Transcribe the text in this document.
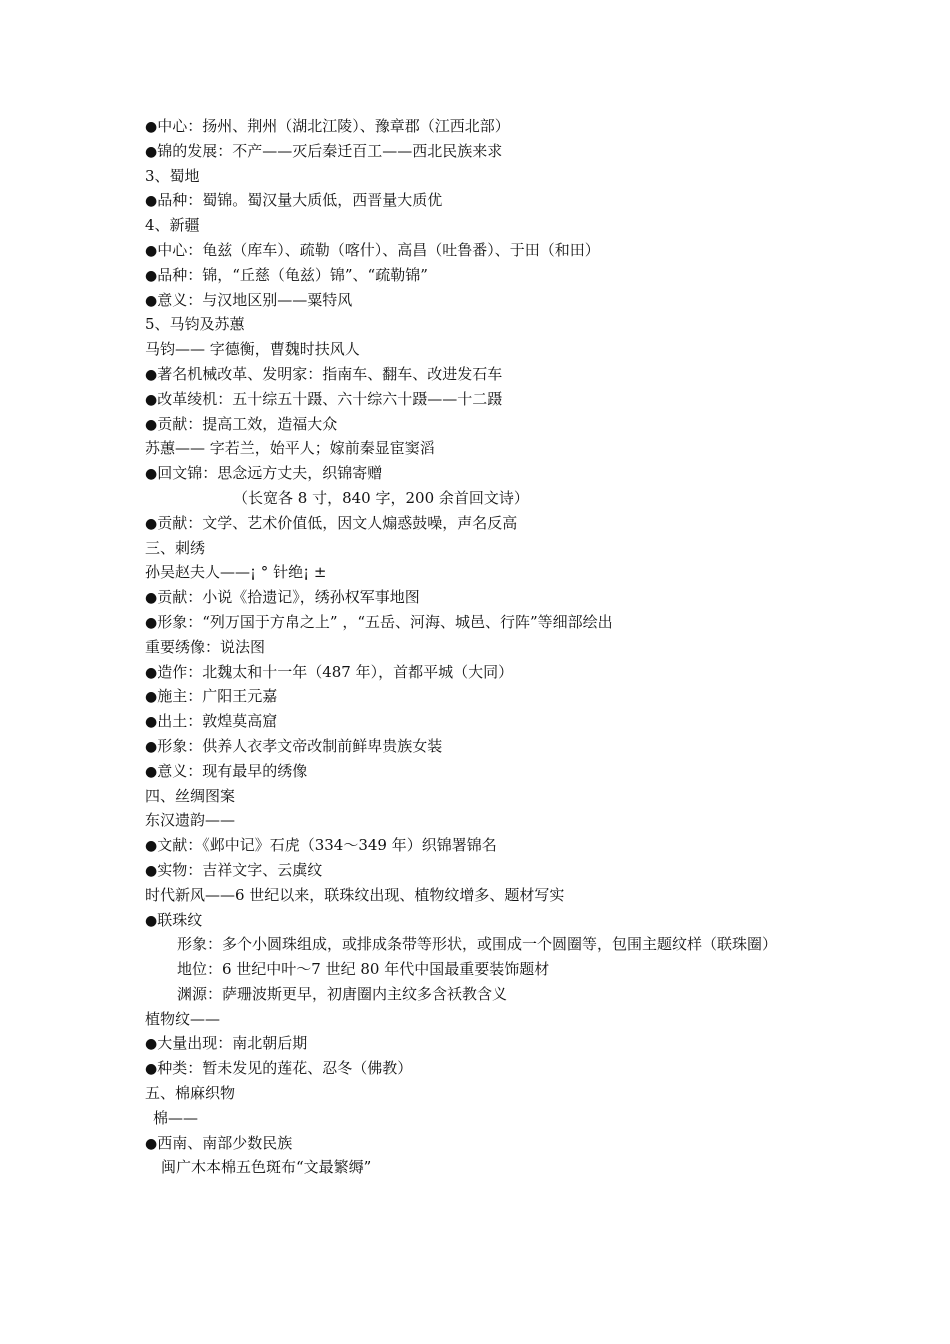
●中心：扬州、荆州（湖北江陵）、豫章郡（江西北部）

●锦的发展：不产——灭后秦迁百工——西北民族来求

3、蜀地

●品种：蜀锦。蜀汉量大质低，西晋量大质优

4、新疆

●中心：龟兹（库车）、疏勒（喀什）、高昌（吐鲁番）、于田（和田）

●品种：锦，“丘慈（龟兹）锦”、“疏勒锦”

●意义：与汉地区别——粟特风

5、马钧及苏蕙

马钧—— 字德衡，曹魏时扶风人

●著名机械改革、发明家：指南车、翻车、改进发石车

●改革绫机：五十综五十蹑、六十综六十蹑——十二蹑

●贡献：提高工效，造福大众

苏蕙—— 字若兰，始平人；嫁前秦显宦窦滔

●回文锦：思念远方丈夫，织锦寄赠

（长宽各 8 寸，840 字，200 余首回文诗）

●贡献：文学、艺术价值低，因文人煽惑鼓噪，声名反高

三、刺绣

孙吴赵夫人——¡ ° 针绝¡ ±

●贡献：小说《拾遗记》，绣孙权军事地图

●形象：“列万国于方帛之上” ，“五岳、河海、城邑、行阵”等细部绘出

重要绣像：说法图

●造作：北魏太和十一年（487 年），首都平城（大同）

●施主：广阳王元嘉

●出土：敦煌莫高窟

●形象：供养人衣孝文帝改制前鲜卑贵族女装

●意义：现有最早的绣像

四、丝绸图案

东汉遗韵——

●文献：《邺中记》石虎（334～349 年）织锦署锦名

●实物：吉祥文字、云虡纹

时代新风——6 世纪以来，联珠纹出现、植物纹增多、题材写实

●联珠纹

形象：多个小圆珠组成，或排成条带等形状，或围成一个圆圈等，包围主题纹样（联珠圈）

地位：6 世纪中叶～7 世纪 80 年代中国最重要装饰题材

渊源：萨珊波斯更早，初唐圈内主纹多含袄教含义

植物纹——

●大量出现：南北朝后期

●种类：暂未发见的莲花、忍冬（佛教）

五、棉麻织物

棉——

●西南、南部少数民族

闽广木本棉五色斑布“文最繁缛”
